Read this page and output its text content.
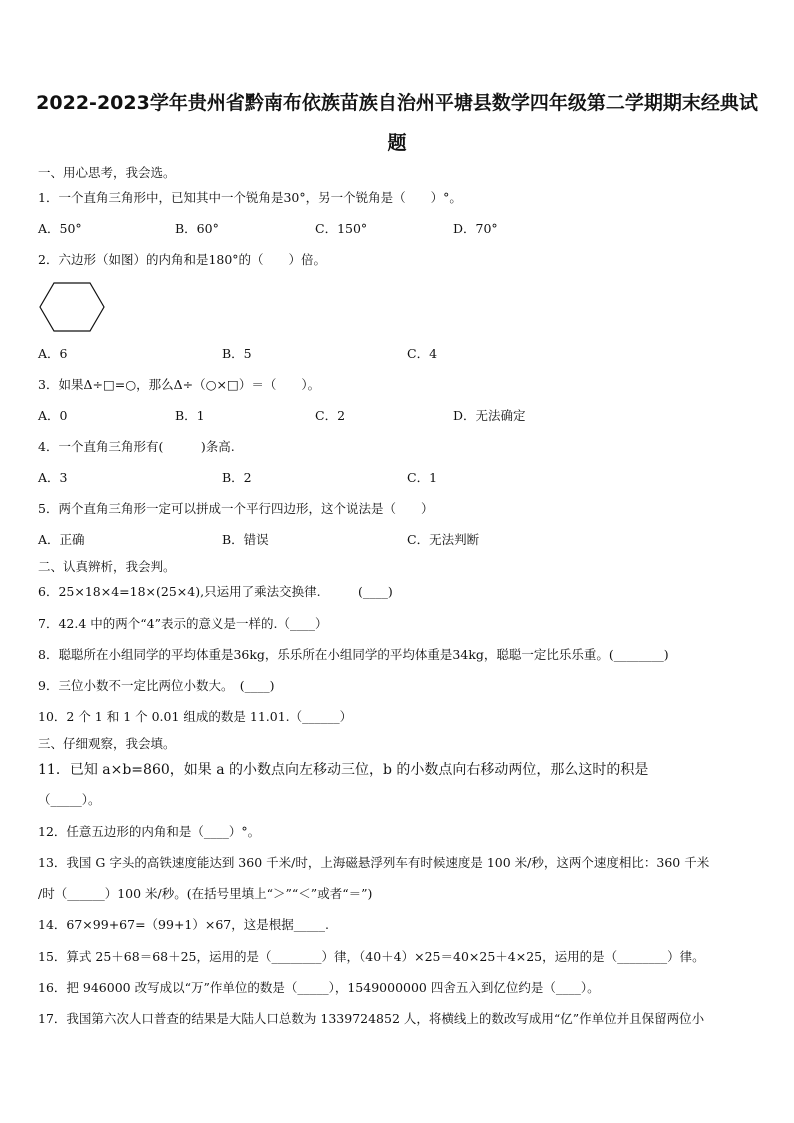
2022-2023学年贵州省黔南布依族苗族自治州平塘县数学四年级第二学期期末经典试
题
一、用心思考，我会选。
1．一个直角三角形中，已知其中一个锐角是30°，另一个锐角是（　　）°。
A．50°	B．60°	C．150°	D．70°
2．六边形（如图）的内角和是180°的（　　）倍。
A．6	B．5	C．4
3．如果Δ÷□=○，那么Δ÷（○×□）＝（　　）。
A．0	B．1	C．2	D．无法确定
4．一个直角三角形有(　　　)条高.
A．3	B．2	C．1
5．两个直角三角形一定可以拼成一个平行四边形，这个说法是（　　）
A．正确	B．错误	C．无法判断
二、认真辨析，我会判。
6．25×18×4=18×(25×4),只运用了乘法交换律.　　　(____)
7．42.4 中的两个“4”表示的意义是一样的.（____）
8．聪聪所在小组同学的平均体重是36kg，乐乐所在小组同学的平均体重是34kg，聪聪一定比乐乐重。(________)
9．三位小数不一定比两位小数大。　(____)
10．2 个 1 和 1 个 0.01 组成的数是 11.01.（______）
三、仔细观察，我会填。
11．已知 a×b=860，如果 a 的小数点向左移动三位，b 的小数点向右移动两位，那么这时的积是
（_____）。
12．任意五边形的内角和是（____）°。
13．我国 G 字头的高铁速度能达到 360 千米/时，上海磁悬浮列车有时候速度是 100 米/秒，这两个速度相比：360 千米
/时（______）100 米/秒。(在括号里填上“＞”“＜”或者“＝”)
14．67×99+67=（99+1）×67，这是根据_____.
15．算式 25＋68＝68＋25，运用的是（________）律，（40＋4）×25＝40×25＋4×25，运用的是（________）律。
16．把 946000 改写成以“万”作单位的数是（_____），1549000000 四舍五入到亿位约是（____）。
17．我国第六次人口普查的结果是大陆人口总数为 1339724852 人，将横线上的数改写成用“亿”作单位并且保留两位小
